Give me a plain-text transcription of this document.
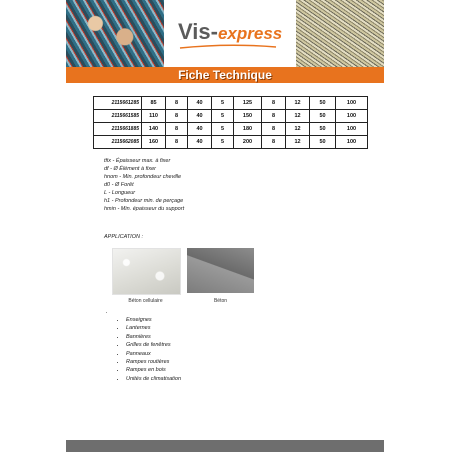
Vis-express
Fiche Technique
2115661285	85	8	40	5	125	8	12	50	100
2115661585	110	8	40	5	150	8	12	50	100
2115661885	140	8	40	5	180	8	12	50	100
2115662085	160	8	40	5	200	8	12	50	100
tfix - Épaisseur max. à fixer
df - Ø Élément à fixer
hnom - Min. profondeur cheville
d0 - Ø Forêt
L - Longueur
h1 - Profondeur min. de perçage
hmin - Min. épaisseur du support
APPLICATION :
Béton cellulaire	Béton
• Enseignes
• Lanternes
• Bannières
• Grilles de fenêtres
• Panneaux
• Rampes routières
• Rampes en bois
• Unités de climatisation
